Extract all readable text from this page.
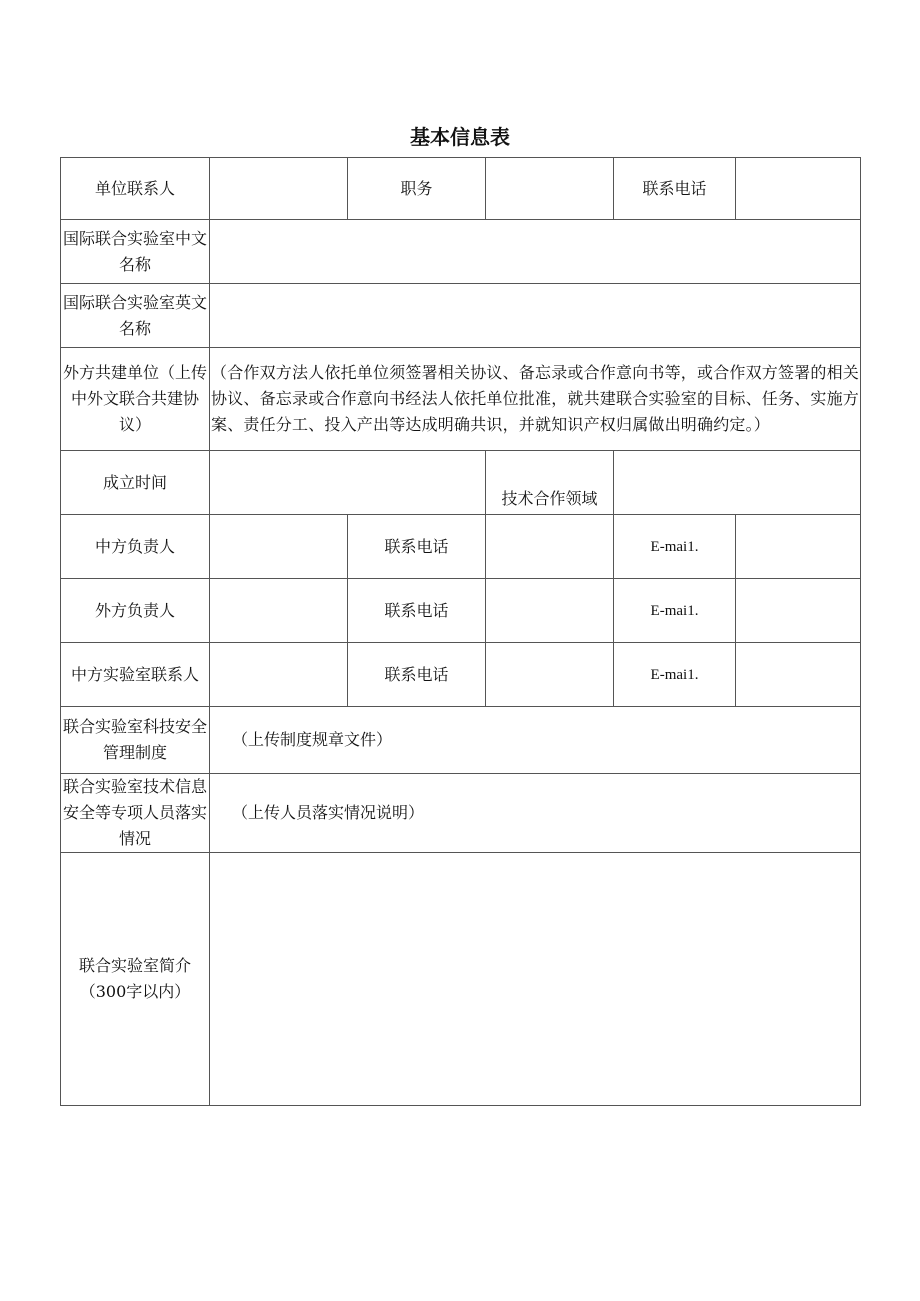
基本信息表
单位联系人		职务		联系电话	
国际联合实验室中文名称					
国际联合实验室英文名称					
外方共建单位（上传中外文联合共建协议）	（合作双方法人依托单位须签署相关协议、备忘录或合作意向书等，或合作双方签署的相关协议、备忘录或合作意向书经法人依托单位批准，就共建联合实验室的目标、任务、实施方案、责任分工、投入产出等达成明确共识，并就知识产权归属做出明确约定。）				
成立时间			技术合作领域		
中方负责人		联系电话		E-mai1.	
外方负责人		联系电话		E-mai1.	
中方实验室联系人		联系电话		E-mai1.	
联合实验室科技安全管理制度	（上传制度规章文件）				
联合实验室技术信息安全等专项人员落实情况	（上传人员落实情况说明）				
联合实验室简介（300字以内）					
